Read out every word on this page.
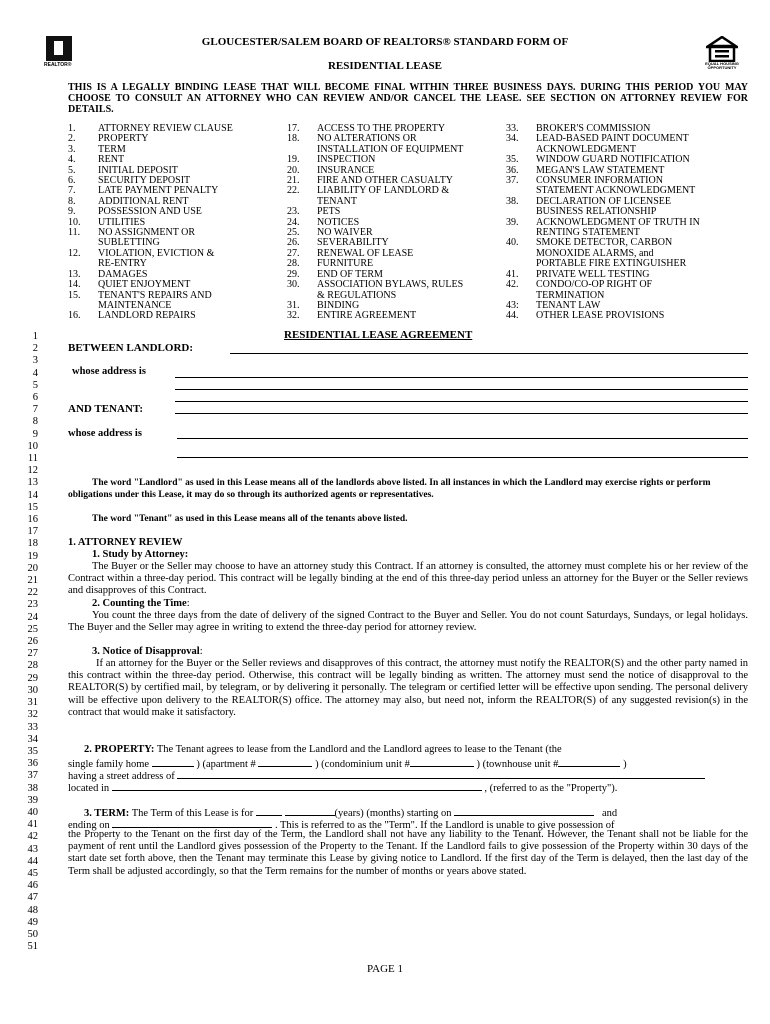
REALTOR®	EQUAL HOUSING OPPORTUNITY
GLOUCESTER/SALEM BOARD OF REALTORS® STANDARD FORM OF
RESIDENTIAL LEASE
THIS IS A LEGALLY BINDING LEASE THAT WILL BECOME FINAL WITHIN THREE BUSINESS DAYS. DURING THIS PERIOD YOU MAY CHOOSE TO CONSULT AN ATTORNEY WHO CAN REVIEW AND/OR CANCEL THE LEASE. SEE SECTION ON ATTORNEY REVIEW FOR DETAILS.
1.	ATTORNEY REVIEW CLAUSE
2.	PROPERTY
3.	TERM
4.	RENT
5.	INITIAL DEPOSIT
6.	SECURITY DEPOSIT
7.	LATE PAYMENT PENALTY
8.	ADDITIONAL RENT
9.	POSSESSION AND USE
10.	UTILITIES
11.	NO ASSIGNMENT OR
SUBLETTING
12.	VIOLATION, EVICTION &
RE-ENTRY
13.	DAMAGES
14.	QUIET ENJOYMENT
15.	TENANT'S REPAIRS AND
MAINTENANCE
16.	LANDLORD REPAIRS
17.	ACCESS TO THE PROPERTY
18.	NO ALTERATIONS OR
INSTALLATION OF EQUIPMENT
19.	INSPECTION
20.	INSURANCE
21.	FIRE AND OTHER CASUALTY
22.	LIABILITY OF LANDLORD &
TENANT
23.	PETS
24.	NOTICES
25.	NO WAIVER
26.	SEVERABILITY
27.	RENEWAL OF LEASE
28.	FURNITURE
29.	END OF TERM
30.	ASSOCIATION BYLAWS, RULES
& REGULATIONS
31.	BINDING
32.	ENTIRE AGREEMENT
33.	BROKER'S COMMISSION
34.	LEAD-BASED PAINT DOCUMENT
ACKNOWLEDGMENT
35.	WINDOW GUARD NOTIFICATION
36.	MEGAN'S LAW STATEMENT
37.	CONSUMER INFORMATION
STATEMENT ACKNOWLEDGMENT
38.	DECLARATION OF LICENSEE
BUSINESS RELATIONSHIP
39.	ACKNOWLEDGMENT OF TRUTH IN
RENTING STATEMENT
40.	SMOKE DETECTOR, CARBON
MONOXIDE ALARMS, and
PORTABLE FIRE EXTINGUISHER
41.	PRIVATE WELL TESTING
42.	CONDO/CO-OP RIGHT OF
TERMINATION
43:	TENANT LAW
44.	OTHER LEASE PROVISIONS
1
2
3
4
5
6
7
8
9
10
11
12
13
14
15
16
17
18
19
20
21
22
23
24
25
26
27
28
29
30
31
32
33
34
35
36
37
38
39
40
41
42
43
44
45
46
47
48
49
50
51
RESIDENTIAL LEASE AGREEMENT
BETWEEN LANDLORD:
whose address is
AND TENANT:
whose address is
The word "Landlord" as used in this Lease means all of the landlords above listed. In all instances in which the Landlord may exercise rights or perform obligations under this Lease, it may do so through its authorized agents or representatives.
The word "Tenant" as used in this Lease means all of the tenants above listed.
1. ATTORNEY REVIEW
1. Study by Attorney:
The Buyer or the Seller may choose to have an attorney study this Contract. If an attorney is consulted, the attorney must complete his or her review of the Contract within a three-day period. This contract will be legally binding at the end of this three-day period unless an attorney for the Buyer or the Seller reviews and disapproves of this Contract.
2. Counting the Time:
You count the three days from the date of delivery of the signed Contract to the Buyer and Seller. You do not count Saturdays, Sundays, or legal holidays. The Buyer and the Seller may agree in writing to extend the three-day period for attorney review.
3. Notice of Disapproval:
If an attorney for the Buyer or the Seller reviews and disapproves of this contract, the attorney must notify the REALTOR(S) and the other party named in this contract within the three-day period. Otherwise, this contract will be legally binding as written. The attorney must send the notice of disapproval to the REALTOR(S) by certified mail, by telegram, or by delivering it personally. The telegram or certified letter will be effective upon sending. The personal delivery will be effective upon delivery to the REALTOR(S) office. The attorney may also, but need not, inform the REALTOR(S) of any suggested revision(s) in the contract that would make it satisfactory.
2. PROPERTY: The Tenant agrees to lease from the Landlord and the Landlord agrees to lease to the Tenant (the
single family home	) (apartment #	) (condominium unit #	) (townhouse unit #	)
having a street address of
located in	, (referred to as the "Property").
3. TERM: The Term of this Lease is for	(years) (months) starting on	and
ending on	. This is referred to as the "Term". If the Landlord is unable to give possession of
the Property to the Tenant on the first day of the Term, the Landlord shall not have any liability to the Tenant. However, the Tenant shall not be liable for the payment of rent until the Landlord gives possession of the Property to the Tenant. If the Landlord fails to give possession of the Property within 30 days of the start date set forth above, then the Tenant may terminate this Lease by giving notice to Landlord. If the first day of the Term is delayed, then the last day of the Term shall be adjusted accordingly, so that the Term remains for the number of months or years above stated.
PAGE 1
